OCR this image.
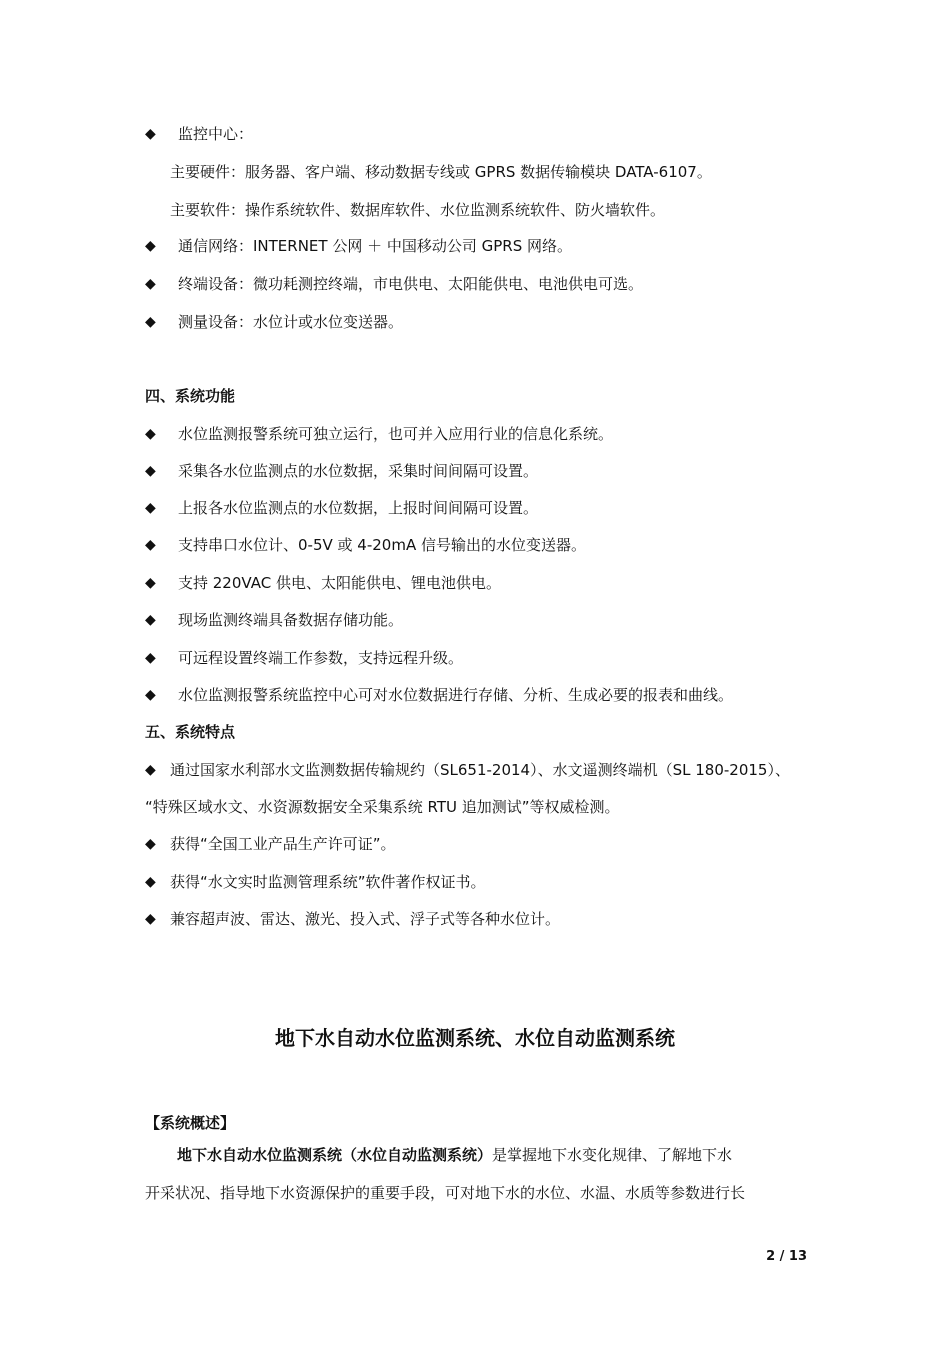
◆ 监控中心：
主要硬件：服务器、客户端、移动数据专线或 GPRS 数据传输模块 DATA-6107。
主要软件：操作系统软件、数据库软件、水位监测系统软件、防火墙软件。
◆ 通信网络：INTERNET 公网 ＋ 中国移动公司 GPRS 网络。
◆ 终端设备：微功耗测控终端，市电供电、太阳能供电、电池供电可选。
◆ 测量设备：水位计或水位变送器。
四、系统功能
◆ 水位监测报警系统可独立运行，也可并入应用行业的信息化系统。
◆ 采集各水位监测点的水位数据，采集时间间隔可设置。
◆ 上报各水位监测点的水位数据，上报时间间隔可设置。
◆ 支持串口水位计、0-5V 或 4-20mA 信号输出的水位变送器。
◆ 支持 220VAC 供电、太阳能供电、锂电池供电。
◆ 现场监测终端具备数据存储功能。
◆ 可远程设置终端工作参数，支持远程升级。
◆ 水位监测报警系统监控中心可对水位数据进行存储、分析、生成必要的报表和曲线。
五、系统特点
◆ 通过国家水利部水文监测数据传输规约（SL651-2014）、水文遥测终端机（SL 180-2015）、
“特殊区域水文、水资源数据安全采集系统 RTU 追加测试”等权威检测。
◆ 获得“全国工业产品生产许可证”。
◆ 获得“水文实时监测管理系统”软件著作权证书。
◆ 兼容超声波、雷达、激光、投入式、浮子式等各种水位计。
地下水自动水位监测系统、水位自动监测系统
【系统概述】
地下水自动水位监测系统（水位自动监测系统）是掌握地下水变化规律、了解地下水
开采状况、指导地下水资源保护的重要手段，可对地下水的水位、水温、水质等参数进行长
2 / 13
